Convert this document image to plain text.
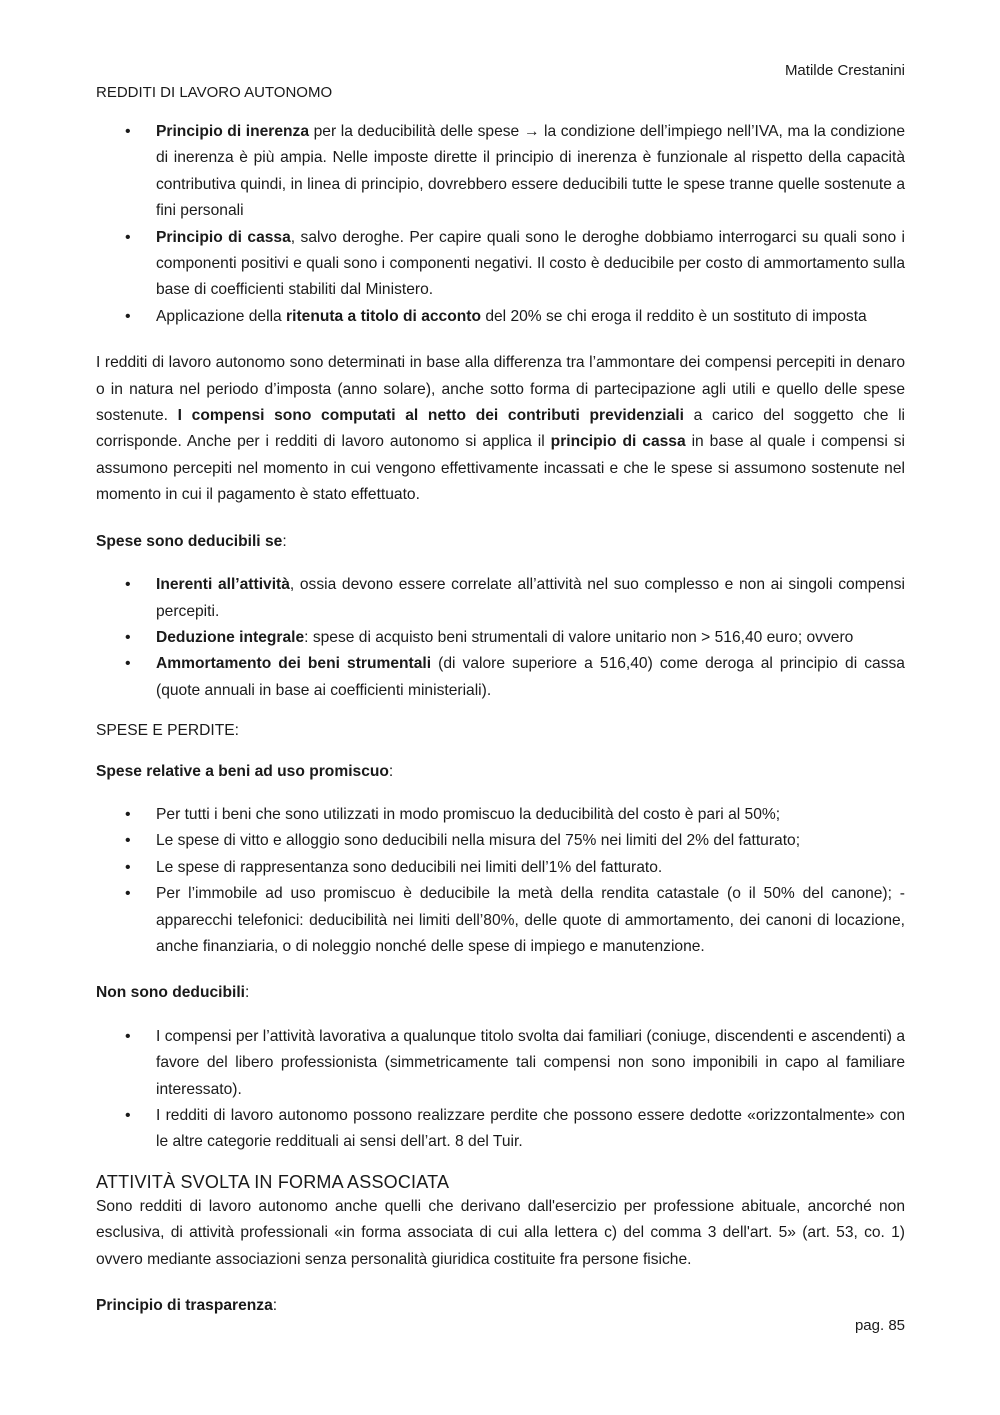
Matilde Crestanini
REDDITI DI LAVORO AUTONOMO
• Principio di inerenza per la deducibilità delle spese → la condizione dell’impiego nell’IVA, ma la condizione di inerenza è più ampia. Nelle imposte dirette il principio di inerenza è funzionale al rispetto della capacità contributiva quindi, in linea di principio, dovrebbero essere deducibili tutte le spese tranne quelle sostenute a fini personali
• Principio di cassa, salvo deroghe. Per capire quali sono le deroghe dobbiamo interrogarci su quali sono i componenti positivi e quali sono i componenti negativi. Il costo è deducibile per costo di ammortamento sulla base di coefficienti stabiliti dal Ministero.
• Applicazione della ritenuta a titolo di acconto del 20% se chi eroga il reddito è un sostituto di imposta

I redditi di lavoro autonomo sono determinati in base alla differenza tra l’ammontare dei compensi percepiti in denaro o in natura nel periodo d’imposta (anno solare), anche sotto forma di partecipazione agli utili e quello delle spese sostenute. I compensi sono computati al netto dei contributi previdenziali a carico del soggetto che li corrisponde. Anche per i redditi di lavoro autonomo si applica il principio di cassa in base al quale i compensi si assumono percepiti nel momento in cui vengono effettivamente incassati e che le spese si assumono sostenute nel momento in cui il pagamento è stato effettuato.

Spese sono deducibili se:

• Inerenti all’attività, ossia devono essere correlate all’attività nel suo complesso e non ai singoli compensi percepiti.
• Deduzione integrale: spese di acquisto beni strumentali di valore unitario non > 516,40 euro; ovvero
• Ammortamento dei beni strumentali (di valore superiore a 516,40) come deroga al principio di cassa (quote annuali in base ai coefficienti ministeriali).

SPESE E PERDITE:

Spese relative a beni ad uso promiscuo:

• Per tutti i beni che sono utilizzati in modo promiscuo la deducibilità del costo è pari al 50%;
• Le spese di vitto e alloggio sono deducibili nella misura del 75% nei limiti del 2% del fatturato;
• Le spese di rappresentanza sono deducibili nei limiti dell’1% del fatturato.
• Per l’immobile ad uso promiscuo è deducibile la metà della rendita catastale (o il 50% del canone); - apparecchi telefonici: deducibilità nei limiti dell’80%, delle quote di ammortamento, dei canoni di locazione, anche finanziaria, o di noleggio nonché delle spese di impiego e manutenzione.

Non sono deducibili:

• I compensi per l’attività lavorativa a qualunque titolo svolta dai familiari (coniuge, discendenti e ascendenti) a favore del libero professionista (simmetricamente tali compensi non sono imponibili in capo al familiare interessato).
• I redditi di lavoro autonomo possono realizzare perdite che possono essere dedotte «orizzontalmente» con le altre categorie reddituali ai sensi dell’art. 8 del Tuir.

ATTIVITÀ SVOLTA IN FORMA ASSOCIATA

Sono redditi di lavoro autonomo anche quelli che derivano dall'esercizio per professione abituale, ancorché non esclusiva, di attività professionali «in forma associata di cui alla lettera c) del comma 3 dell'art. 5» (art. 53, co. 1) ovvero mediante associazioni senza personalità giuridica costituite fra persone fisiche.

Principio di trasparenza:

pag. 85
